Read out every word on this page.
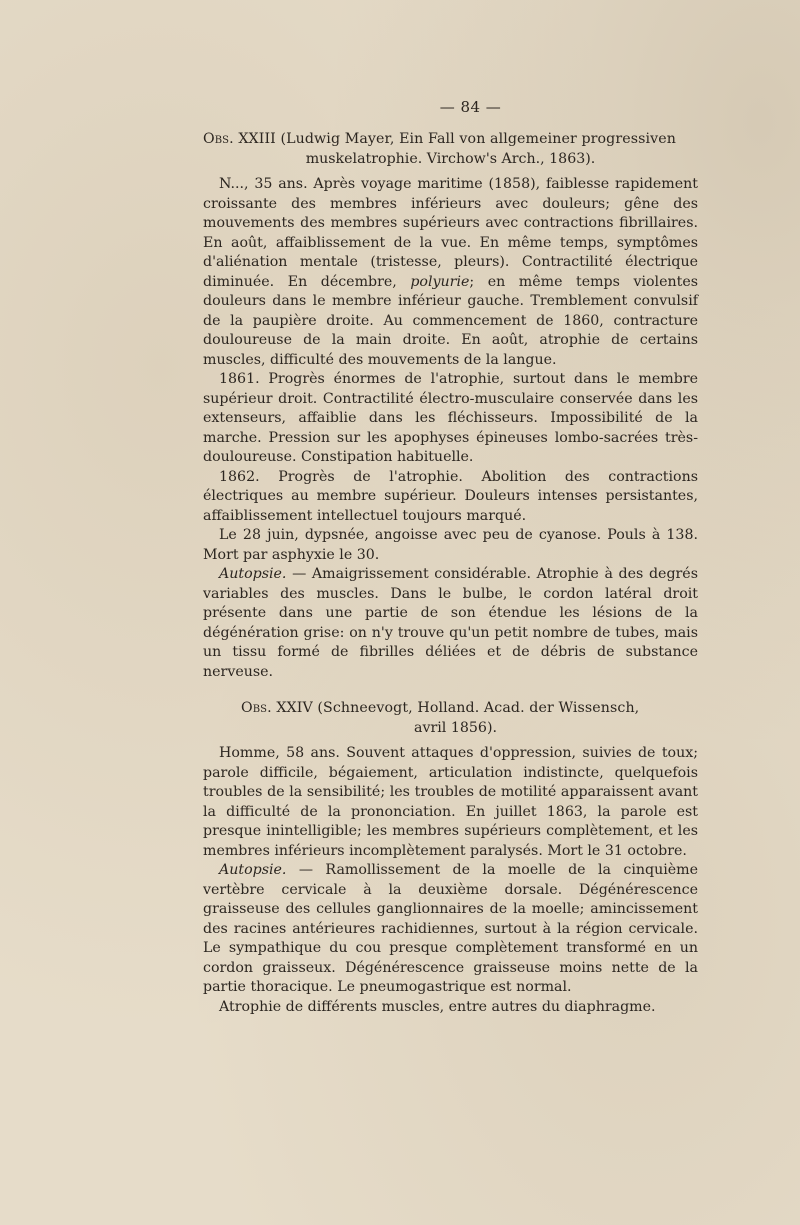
— 84 —
Obs. XXIII (Ludwig Mayer, Ein Fall von allgemeiner progressiven
muskelatrophie. Virchow's Arch., 1863).

N..., 35 ans. Après voyage maritime (1858), faiblesse rapidement croissante des membres inférieurs avec douleurs; gêne des mouvements des membres supérieurs avec contractions fibrillaires. En août, affaiblissement de la vue. En même temps, symptômes d'aliénation mentale (tristesse, pleurs). Contractilité électrique diminuée. En décembre, polyurie; en même temps violentes douleurs dans le membre inférieur gauche. Tremblement convulsif de la paupière droite. Au commencement de 1860, contracture douloureuse de la main droite. En août, atrophie de certains muscles, difficulté des mouvements de la langue.

1861. Progrès énormes de l'atrophie, surtout dans le membre supérieur droit. Contractilité électro-musculaire conservée dans les extenseurs, affaiblie dans les fléchisseurs. Impossibilité de la marche. Pression sur les apophyses épineuses lombo-sacrées très-douloureuse. Constipation habituelle.

1862. Progrès de l'atrophie. Abolition des contractions électriques au membre supérieur. Douleurs intenses persistantes, affaiblissement intellectuel toujours marqué.

Le 28 juin, dypsnée, angoisse avec peu de cyanose. Pouls à 138. Mort par asphyxie le 30.

Autopsie. — Amaigrissement considérable. Atrophie à des degrés variables des muscles. Dans le bulbe, le cordon latéral droit présente dans une partie de son étendue les lésions de la dégénération grise: on n'y trouve qu'un petit nombre de tubes, mais un tissu formé de fibrilles déliées et de débris de substance nerveuse.

Obs. XXIV (Schneevogt, Holland. Acad. der Wissensch,
avril 1856).

Homme, 58 ans. Souvent attaques d'oppression, suivies de toux; parole difficile, bégaiement, articulation indistincte, quelquefois troubles de la sensibilité; les troubles de motilité apparaissent avant la difficulté de la prononciation. En juillet 1863, la parole est presque inintelligible; les membres supérieurs complètement, et les membres inférieurs incomplètement paralysés. Mort le 31 octobre.

Autopsie. — Ramollissement de la moelle de la cinquième vertèbre cervicale à la deuxième dorsale. Dégénérescence graisseuse des cellules ganglionnaires de la moelle; amincissement des racines antérieures rachidiennes, surtout à la région cervicale. Le sympathique du cou presque complètement transformé en un cordon graisseux. Dégénérescence graisseuse moins nette de la partie thoracique. Le pneumogastrique est normal.

Atrophie de différents muscles, entre autres du diaphragme.
